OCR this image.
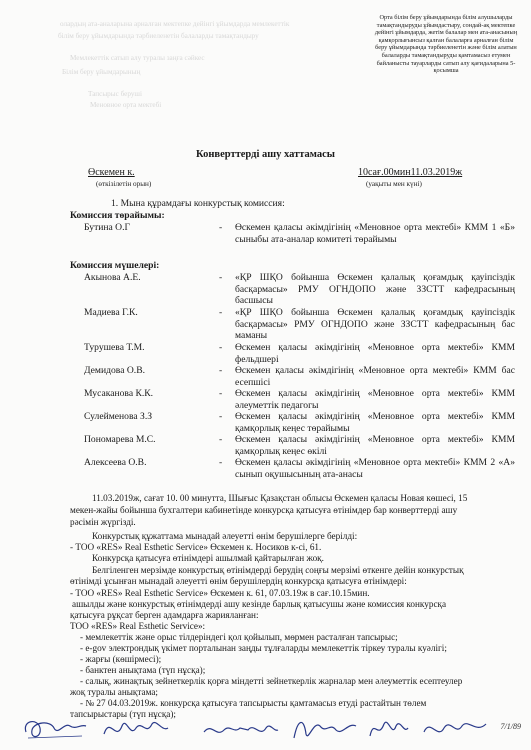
олардың ата-аналарына арналған мектепке дейінгі ұйымдарда мемлекеттік
білім беру ұйымдарында тәрбиеленетін балаларды тамақтандыру
Мемлекеттік сатып алу туралы заңға сәйкес
Білім беру ұйымдарының
Тапсырыс беруші
Меновное орта мектебі
Орта білім беру ұйымдарында білім алушыларды тамақтандыруды ұйымдастыру, сондай-ақ мектепке дейінгі ұйымдарда, жетім балалар мен ата-анасының қамқорлығынсыз қалған балаларға арналған білім беру ұйымдарында тәрбиеленетін және білім алатын балаларды тамақтандыруды қамтамасыз етумен байланысты тауарларды сатып алу қағидаларына 5-қосымша
Конверттерді ашу хаттамасы
Өскемен к.
(өткізілетін орын)
10сағ.00мин11.03.2019ж
(уақыты мен күні)
1. Мына құрамдағы конкурстық комиссия:
Комиссия төрайымы:
Бутина О.Г	- Өскемен қаласы әкімдігінің «Меновное орта мектебі» КММ 1 «Б» сыныбы ата-аналар комитеті төрайымы
Комиссия мүшелері:
Акынова А.Е.	- «ҚР ШҚО бойынша Өскемен қалалық қоғамдық қауіпсіздік басқармасы» РМУ ОГНДОПО және ЗЗСТТ кафедрасының басшысы
Мадиева Г.К.	- «ҚР ШҚО бойынша Өскемен қалалық қоғамдық қауіпсіздік басқармасы» РМУ ОГНДОПО және ЗЗСТТ кафедрасының бас маманы
Турушева Т.М.	- Өскемен қаласы әкімдігінің «Меновное орта мектебі» КММ фельдшері
Демидова О.В.	- Өскемен қаласы әкімдігінің «Меновное орта мектебі» КММ бас есепшісі
Мусаканова К.К.	- Өскемен қаласы әкімдігінің «Меновное орта мектебі» КММ әлеуметтік педагогы
Сулейменова З.З	- Өскемен қаласы әкімдігінің «Меновное орта мектебі» КММ қамқорлық кеңес төрайымы
Пономарева М.С.	- Өскемен қаласы әкімдігінің «Меновное орта мектебі» КММ қамқорлық кеңес өкілі
Алексеева О.В.	- Өскемен қаласы әкімдігінің «Меновное орта мектебі» КММ 2 «А» сынып оқушысының ата-анасы
11.03.2019ж, сағат 10. 00 минутта, Шығыс Қазақстан облысы Өскемен қаласы Новая көшесі, 15
мекен-жайы бойынша бухгалтери кабинетінде конкурсқа қатысуға өтінімдер бар конверттерді ашу
рәсімін жүргізді.
Конкурстық құжаттама мынадай әлеуетті өнім берушілерге берілді:
- ТОО «RES» Real Esthetic Service» Өскемен к. Носиков к-сі, 61.
Конкурсқа қатысуға өтінімдері ашылмай қайтарылған жоқ.
Белгіленген мерзімде конкурстық өтінімдерді берудің соңғы мерзімі өткенге дейін конкурстық
өтінімді ұсынған мынадай әлеуетті өнім берушілердің конкурсқа қатысуға өтінімдері:
- ТОО «RES» Real Esthetic Service» Өскемен к. 61, 07.03.19ж в сағ.10.15мин.
ашылды және конкурстық өтінімдерді ашу кезінде барлық қатысушы және комиссия конкурсқа
қатысуға рұқсат берген адамдарға жарияланған:
ТОО «RES» Real Esthetic Service»:
- мемлекеттік және орыс тілдеріндегі қол қойылып, мөрмен расталған тапсырыс;
- e-gov электрондық үкімет порталынан заңды тұлғаларды мемлекеттік тіркеу туралы куәлігі;
- жарғы (көшірмесі);
- банктен анықтама (түп нұсқа);
- салық, жинақтық зейнеткерлік қорға міндетті зейнеткерлік жарналар мен әлеуметтік есептеулер
жоқ туралы анықтама;
- № 27 04.03.2019ж. конкурсқа қатысуға тапсырысты қамтамасыз етуді растайтын төлем
тапсырыстары (түп нұсқа);
7/1/89
